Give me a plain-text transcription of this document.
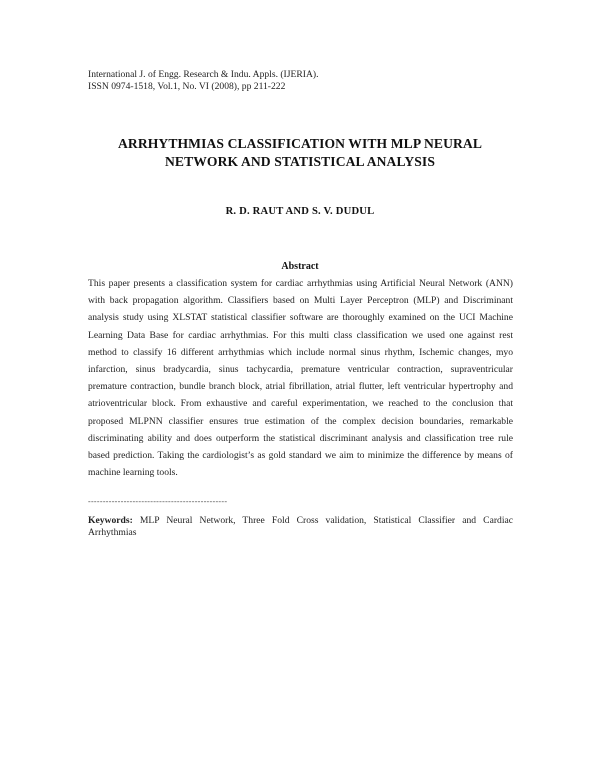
International J. of Engg. Research & Indu. Appls. (IJERIA).
ISSN 0974-1518, Vol.1, No. VI (2008), pp 211-222
ARRHYTHMIAS CLASSIFICATION WITH MLP NEURAL
NETWORK AND STATISTICAL ANALYSIS
R. D. RAUT AND S. V. DUDUL
Abstract
This paper presents a classification system for cardiac arrhythmias using Artificial Neural Network (ANN)
with back propagation algorithm. Classifiers based on Multi Layer Perceptron (MLP) and Discriminant
analysis study using XLSTAT statistical classifier software are thoroughly examined on the UCI Machine
Learning Data Base for cardiac arrhythmias. For this multi class classification we used one against rest
method to classify 16 different arrhythmias which include normal sinus rhythm, Ischemic changes, myo
infarction, sinus bradycardia, sinus tachycardia, premature ventricular contraction, supraventricular
premature contraction, bundle branch block, atrial fibrillation, atrial flutter, left ventricular hypertrophy and
atrioventricular block. From exhaustive and careful experimentation, we reached to the conclusion that
proposed MLPNN classifier ensures true estimation of the complex decision boundaries, remarkable
discriminating ability and does outperform the statistical discriminant analysis and classification tree rule
based prediction. Taking the cardiologist’s as gold standard we aim to minimize the difference by means of
machine learning tools.
-----------------------------------------------
Keywords: MLP Neural Network, Three Fold Cross validation, Statistical Classifier and Cardiac
Arrhythmias
